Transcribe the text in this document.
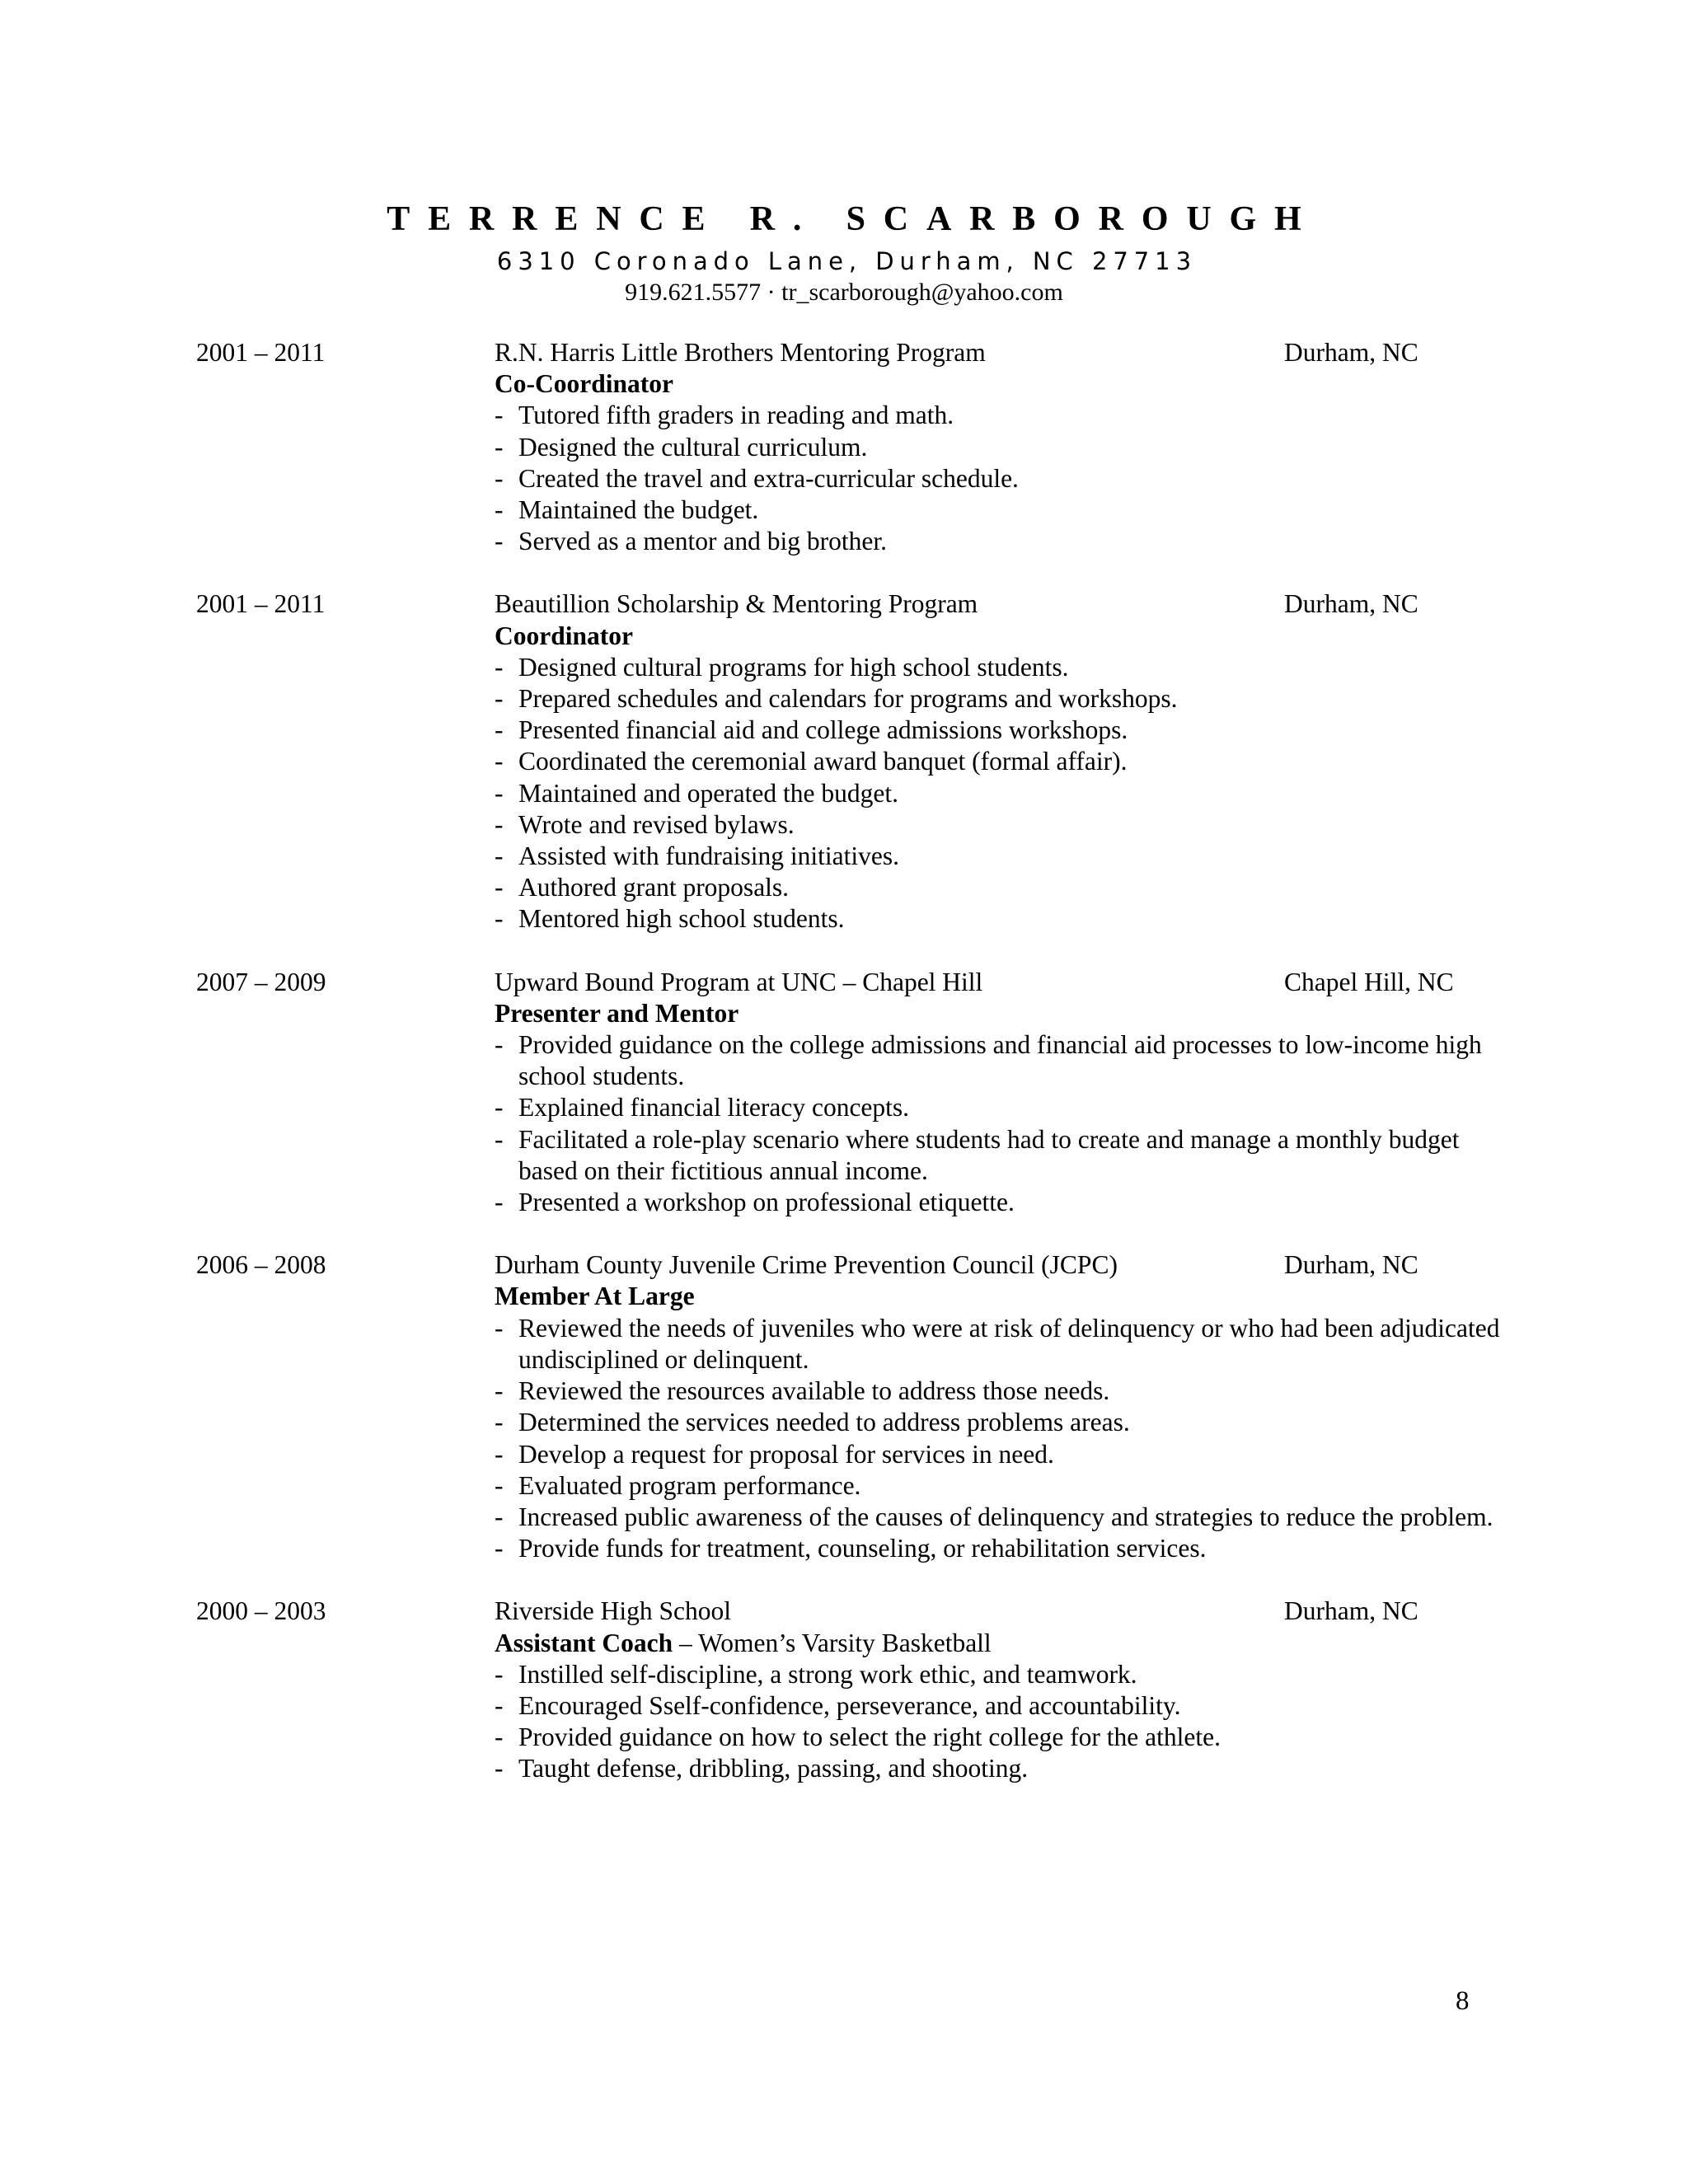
TERRENCE R. SCARBOROUGH
6310 Coronado Lane, Durham, NC 27713
919.621.5577 · tr_scarborough@yahoo.com
2001 – 2011	R.N. Harris Little Brothers Mentoring Program	Durham, NC
Co-Coordinator
- Tutored fifth graders in reading and math.
- Designed the cultural curriculum.
- Created the travel and extra-curricular schedule.
- Maintained the budget.
- Served as a mentor and big brother.
2001 – 2011	Beautillion Scholarship & Mentoring Program	Durham, NC
Coordinator
- Designed cultural programs for high school students.
- Prepared schedules and calendars for programs and workshops.
- Presented financial aid and college admissions workshops.
- Coordinated the ceremonial award banquet (formal affair).
- Maintained and operated the budget.
- Wrote and revised bylaws.
- Assisted with fundraising initiatives.
- Authored grant proposals.
- Mentored high school students.
2007 – 2009	Upward Bound Program at UNC – Chapel Hill	Chapel Hill, NC
Presenter and Mentor
- Provided guidance on the college admissions and financial aid processes to low-income high school students.
- Explained financial literacy concepts.
- Facilitated a role-play scenario where students had to create and manage a monthly budget based on their fictitious annual income.
- Presented a workshop on professional etiquette.
2006 – 2008	Durham County Juvenile Crime Prevention Council (JCPC)	Durham, NC
Member At Large
- Reviewed the needs of juveniles who were at risk of delinquency or who had been adjudicated undisciplined or delinquent.
- Reviewed the resources available to address those needs.
- Determined the services needed to address problems areas.
- Develop a request for proposal for services in need.
- Evaluated program performance.
- Increased public awareness of the causes of delinquency and strategies to reduce the problem.
- Provide funds for treatment, counseling, or rehabilitation services.
2000 – 2003	Riverside High School	Durham, NC
Assistant Coach – Women’s Varsity Basketball
- Instilled self-discipline, a strong work ethic, and teamwork.
- Encouraged Sself-confidence, perseverance, and accountability.
- Provided guidance on how to select the right college for the athlete.
- Taught defense, dribbling, passing, and shooting.
8
